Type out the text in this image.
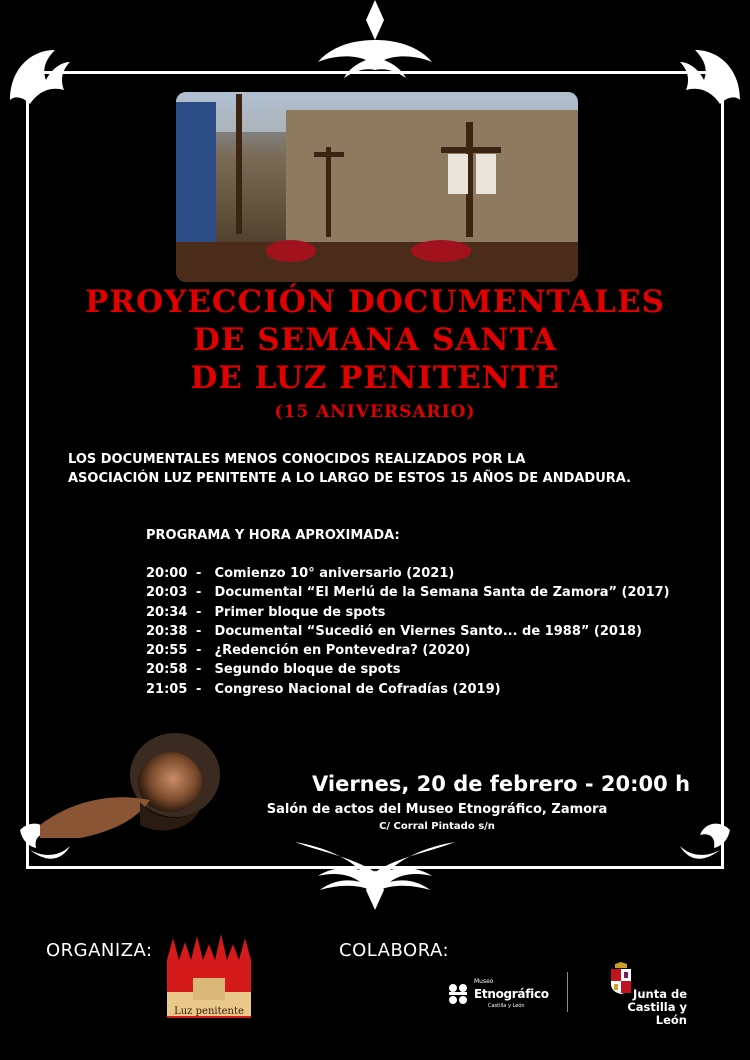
PROYECCIÓN DOCUMENTALES
DE SEMANA SANTA
DE LUZ PENITENTE
(15 ANIVERSARIO)
LOS DOCUMENTALES MENOS CONOCIDOS REALIZADOS POR LA
ASOCIACIÓN LUZ PENITENTE A LO LARGO DE ESTOS 15 AÑOS DE ANDADURA.
PROGRAMA Y HORA APROXIMADA:
20:00 - Comienzo 10° aniversario (2021)
20:03 - Documental “El Merlú de la Semana Santa de Zamora” (2017)
20:34 - Primer bloque de spots
20:38 - Documental “Sucedió en Viernes Santo... de 1988” (2018)
20:55 - ¿Redención en Pontevedra? (2020)
20:58 - Segundo bloque de spots
21:05 - Congreso Nacional de Cofradías (2019)
Viernes, 20 de febrero - 20:00 h
Salón de actos del Museo Etnográfico, Zamora
C/ Corral Pintado s/n
ORGANIZA:	COLABORA:
Luz penitente
Museo
Etnográfico
Castilla y León
Junta de
Castilla y León
